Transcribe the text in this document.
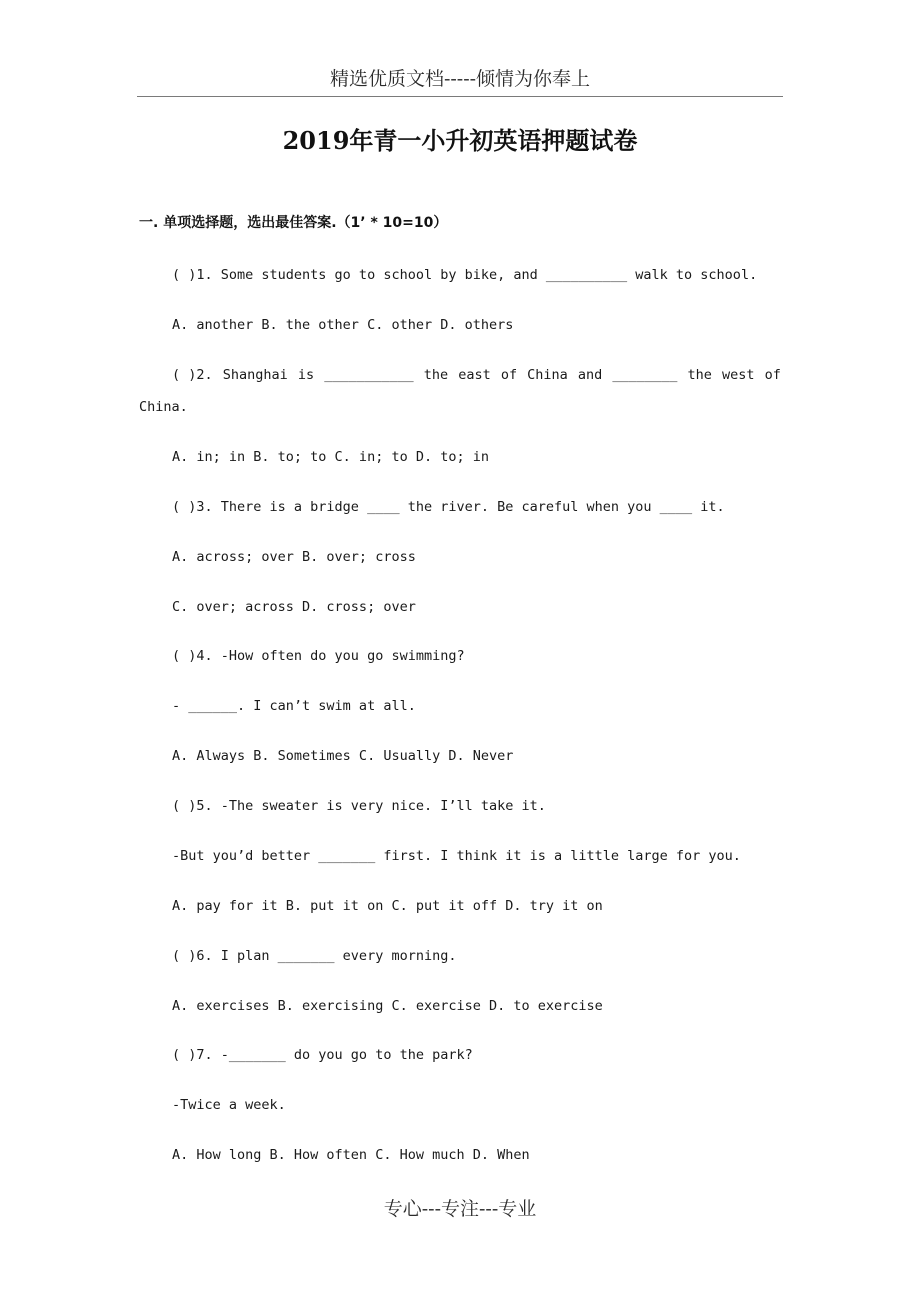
精选优质文档-----倾情为你奉上
2019年青一小升初英语押题试卷
一. 单项选择题，选出最佳答案.（1’ * 10=10）
( )1. Some students go to school by bike, and __________ walk to school.
A. another B. the other C. other D. others
( )2. Shanghai is ___________ the east of China and ________ the west of
China.
A. in; in B. to; to C. in; to D. to; in
( )3. There is a bridge ____ the river. Be careful when you ____ it.
A. across; over B. over; cross
C. over; across D. cross; over
( )4. -How often do you go swimming?
- ______. I can’t swim at all.
A. Always B. Sometimes C. Usually D. Never
( )5. -The sweater is very nice. I’ll take it.
-But you’d better _______ first. I think it is a little large for you.
A. pay for it B. put it on C. put it off D. try it on
( )6. I plan _______ every morning.
A. exercises B. exercising C. exercise D. to exercise
( )7. -_______ do you go to the park?
-Twice a week.
A. How long B. How often C. How much D. When
专心---专注---专业
